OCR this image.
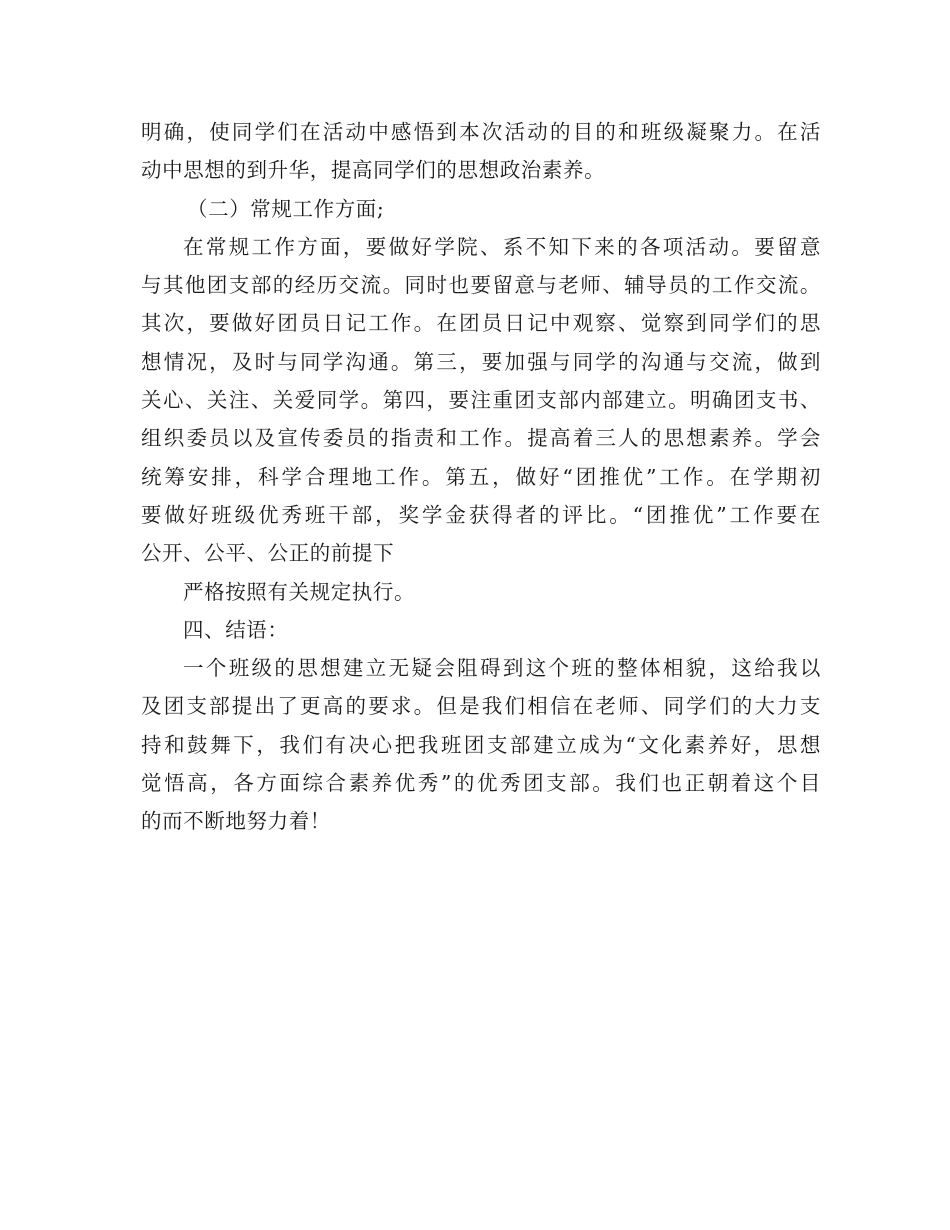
明确，使同学们在活动中感悟到本次活动的目的和班级凝聚力。在活
动中思想的到升华，提高同学们的思想政治素养。
（二）常规工作方面;
在常规工作方面，要做好学院、系不知下来的各项活动。要留意
与其他团支部的经历交流。同时也要留意与老师、辅导员的工作交流。
其次，要做好团员日记工作。在团员日记中观察、觉察到同学们的思
想情况，及时与同学沟通。第三，要加强与同学的沟通与交流，做到
关心、关注、关爱同学。第四，要注重团支部内部建立。明确团支书、
组织委员以及宣传委员的指责和工作。提高着三人的思想素养。学会
统筹安排，科学合理地工作。第五，做好“团推优”工作。在学期初
要做好班级优秀班干部，奖学金获得者的评比。“团推优”工作要在
公开、公平、公正的前提下
严格按照有关规定执行。
四、结语：
一个班级的思想建立无疑会阻碍到这个班的整体相貌，这给我以
及团支部提出了更高的要求。但是我们相信在老师、同学们的大力支
持和鼓舞下，我们有决心把我班团支部建立成为“文化素养好，思想
觉悟高，各方面综合素养优秀”的优秀团支部。我们也正朝着这个目
的而不断地努力着！
